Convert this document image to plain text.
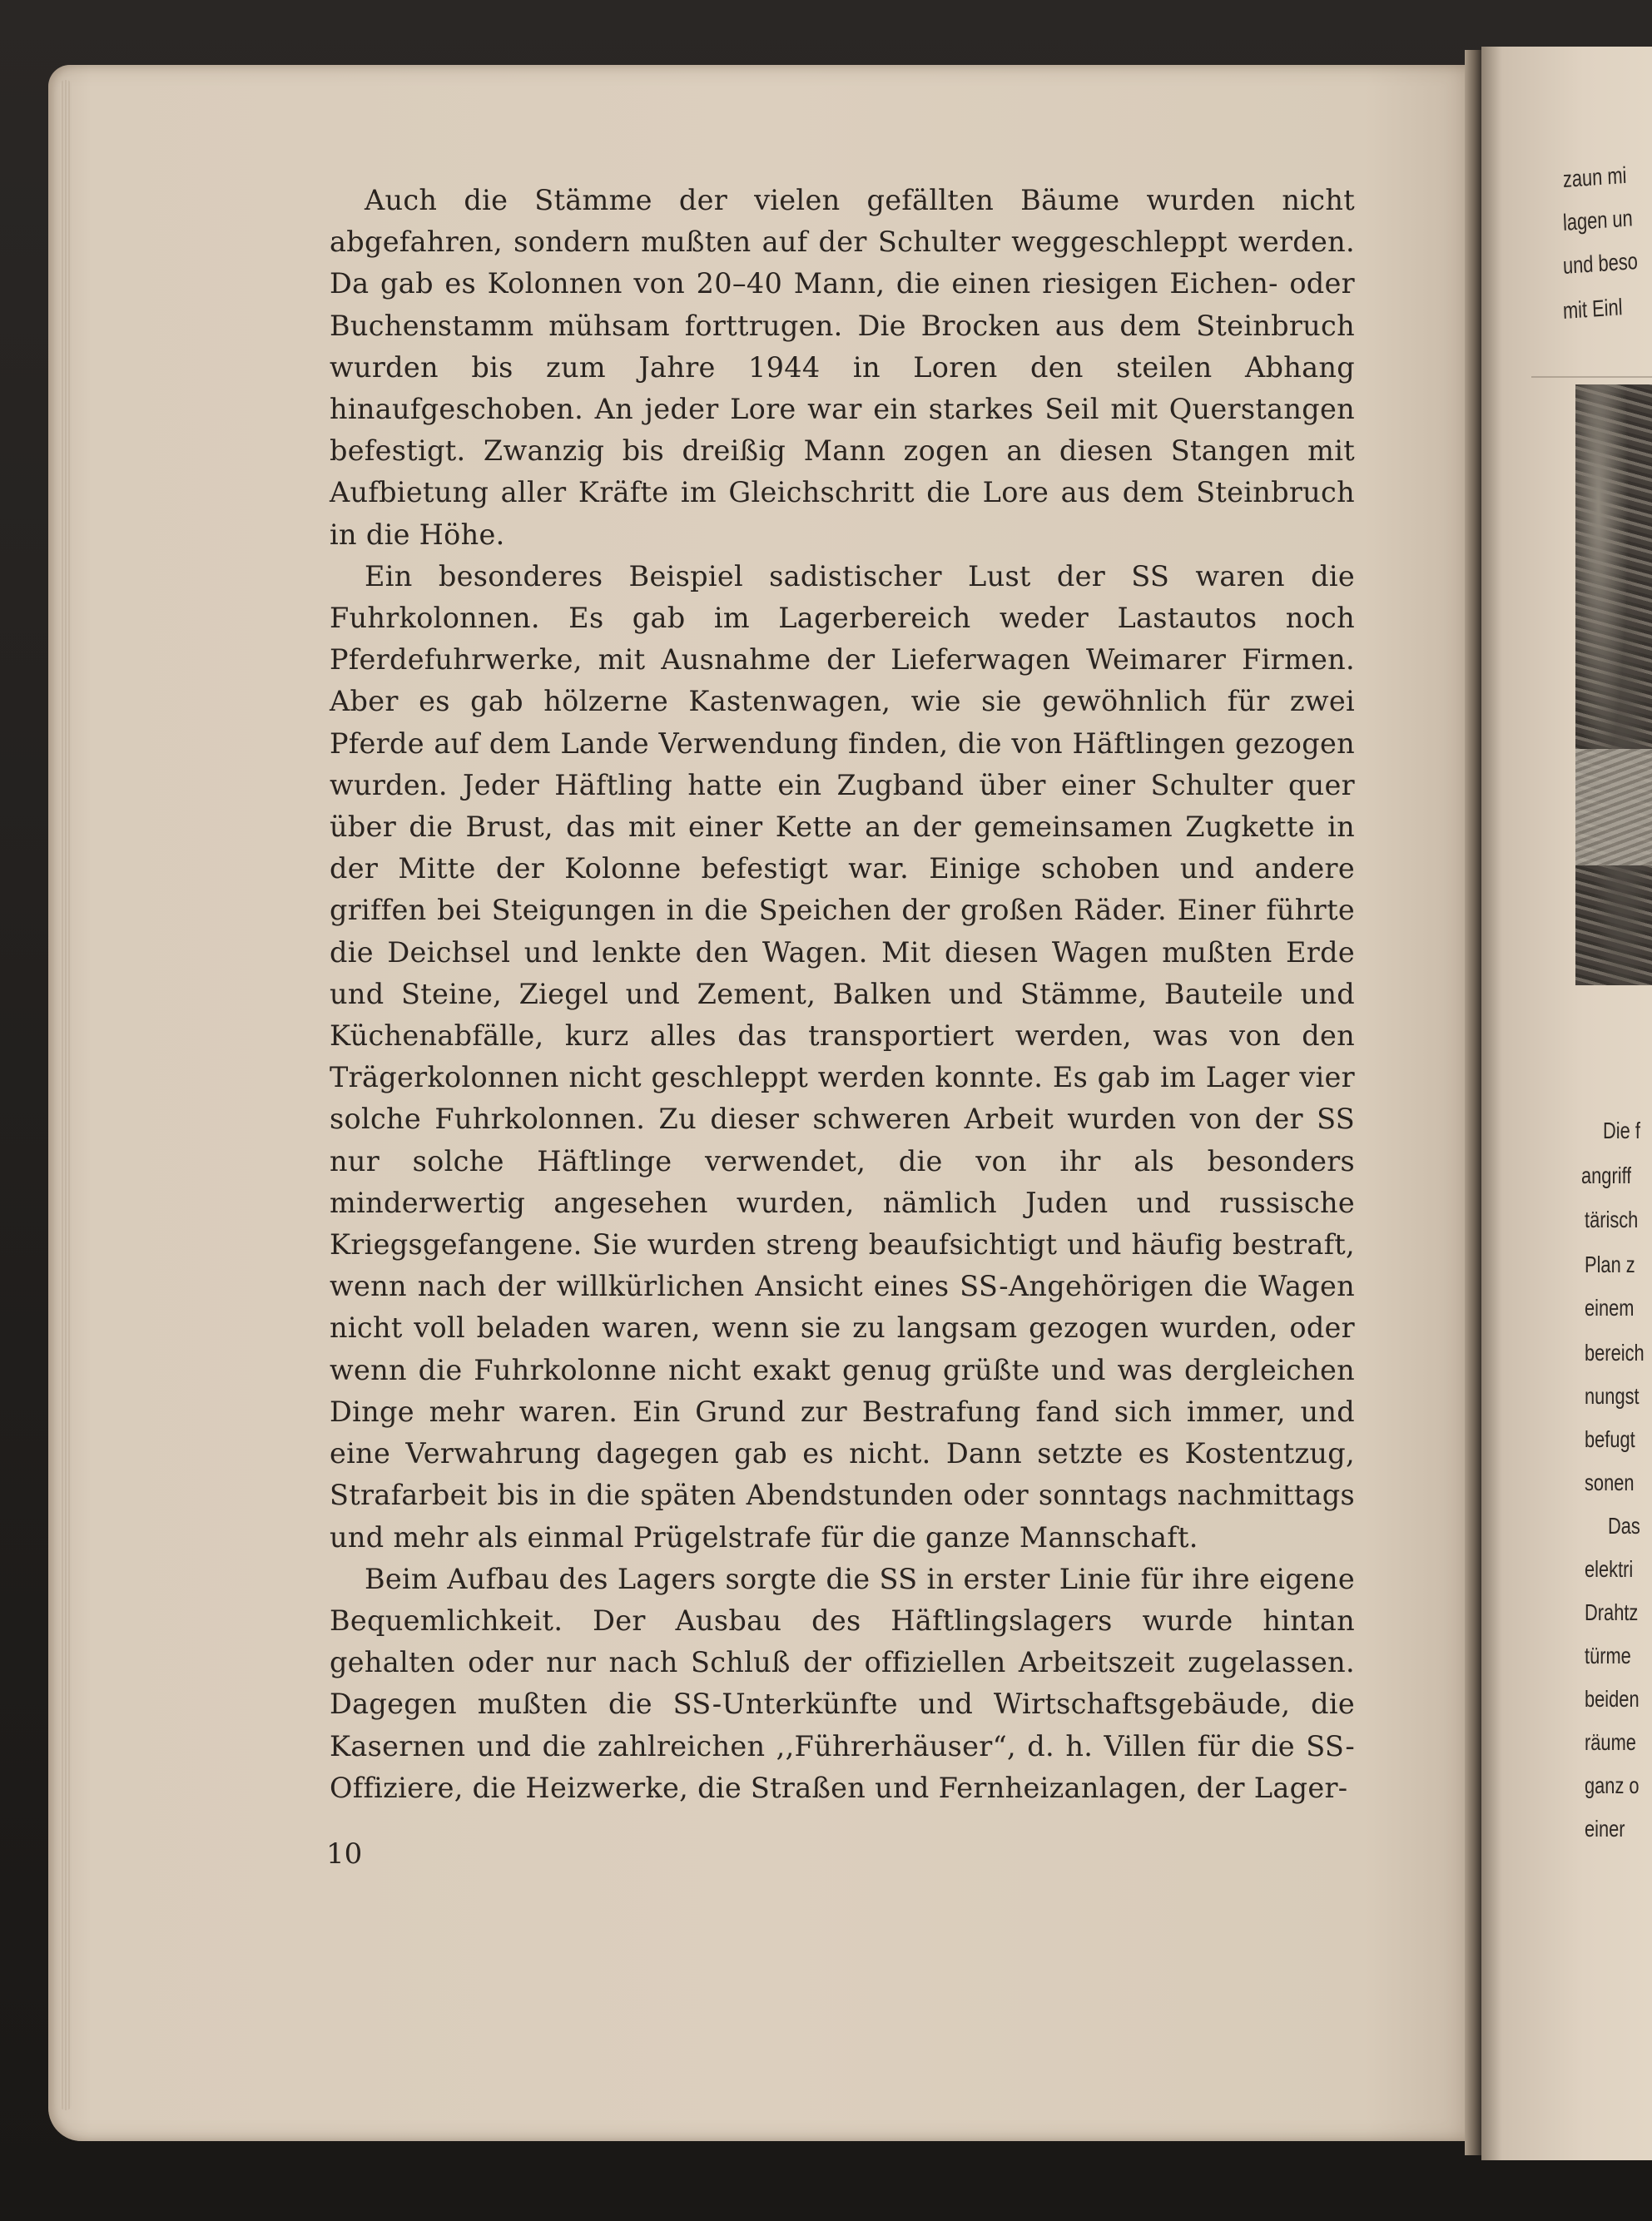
Auch die Stämme der vielen gefällten Bäume wurden nicht abgefahren, sondern mußten auf der Schulter weggeschleppt werden. Da gab es Kolonnen von 20–40 Mann, die einen riesigen Eichen- oder Buchenstamm mühsam forttrugen. Die Brocken aus dem Steinbruch wurden bis zum Jahre 1944 in Loren den steilen Abhang hinaufgeschoben. An jeder Lore war ein starkes Seil mit Querstangen befestigt. Zwanzig bis dreißig Mann zogen an diesen Stangen mit Aufbietung aller Kräfte im Gleichschritt die Lore aus dem Steinbruch in die Höhe.

Ein besonderes Beispiel sadistischer Lust der SS waren die Fuhrkolonnen. Es gab im Lagerbereich weder Lastautos noch Pferdefuhrwerke, mit Ausnahme der Lieferwagen Weimarer Firmen. Aber es gab hölzerne Kastenwagen, wie sie gewöhnlich für zwei Pferde auf dem Lande Verwendung finden, die von Häftlingen gezogen wurden. Jeder Häftling hatte ein Zugband über einer Schulter quer über die Brust, das mit einer Kette an der gemeinsamen Zugkette in der Mitte der Kolonne befestigt war. Einige schoben und andere griffen bei Steigungen in die Speichen der großen Räder. Einer führte die Deichsel und lenkte den Wagen. Mit diesen Wagen mußten Erde und Steine, Ziegel und Zement, Balken und Stämme, Bauteile und Küchenabfälle, kurz alles das transportiert werden, was von den Trägerkolonnen nicht geschleppt werden konnte. Es gab im Lager vier solche Fuhrkolonnen. Zu dieser schweren Arbeit wurden von der SS nur solche Häftlinge verwendet, die von ihr als besonders minderwertig angesehen wurden, nämlich Juden und russische Kriegsgefangene. Sie wurden streng beaufsichtigt und häufig bestraft, wenn nach der willkürlichen Ansicht eines SS-Angehörigen die Wagen nicht voll beladen waren, wenn sie zu langsam gezogen wurden, oder wenn die Fuhrkolonne nicht exakt genug grüßte und was dergleichen Dinge mehr waren. Ein Grund zur Bestrafung fand sich immer, und eine Verwahrung dagegen gab es nicht. Dann setzte es Kostentzug, Strafarbeit bis in die späten Abendstunden oder sonntags nachmittags und mehr als einmal Prügelstrafe für die ganze Mannschaft.

Beim Aufbau des Lagers sorgte die SS in erster Linie für ihre eigene Bequemlichkeit. Der Ausbau des Häftlingslagers wurde hintan gehalten oder nur nach Schluß der offiziellen Arbeitszeit zugelassen. Dagegen mußten die SS-Unterkünfte und Wirtschaftsgebäude, die Kasernen und die zahlreichen ,,Führerhäuser“, d. h. Villen für die SS-Offiziere, die Heizwerke, die Straßen und Fernheizanlagen, der Lager-

10
zaun mi
lagen un
und beso
mit Einl
Die f
angriff
tärisch
Plan z
einem
bereich
nungst
befugt
sonen
Das
elektri
Drahtz
türme
beiden
räume
ganz o
einer
